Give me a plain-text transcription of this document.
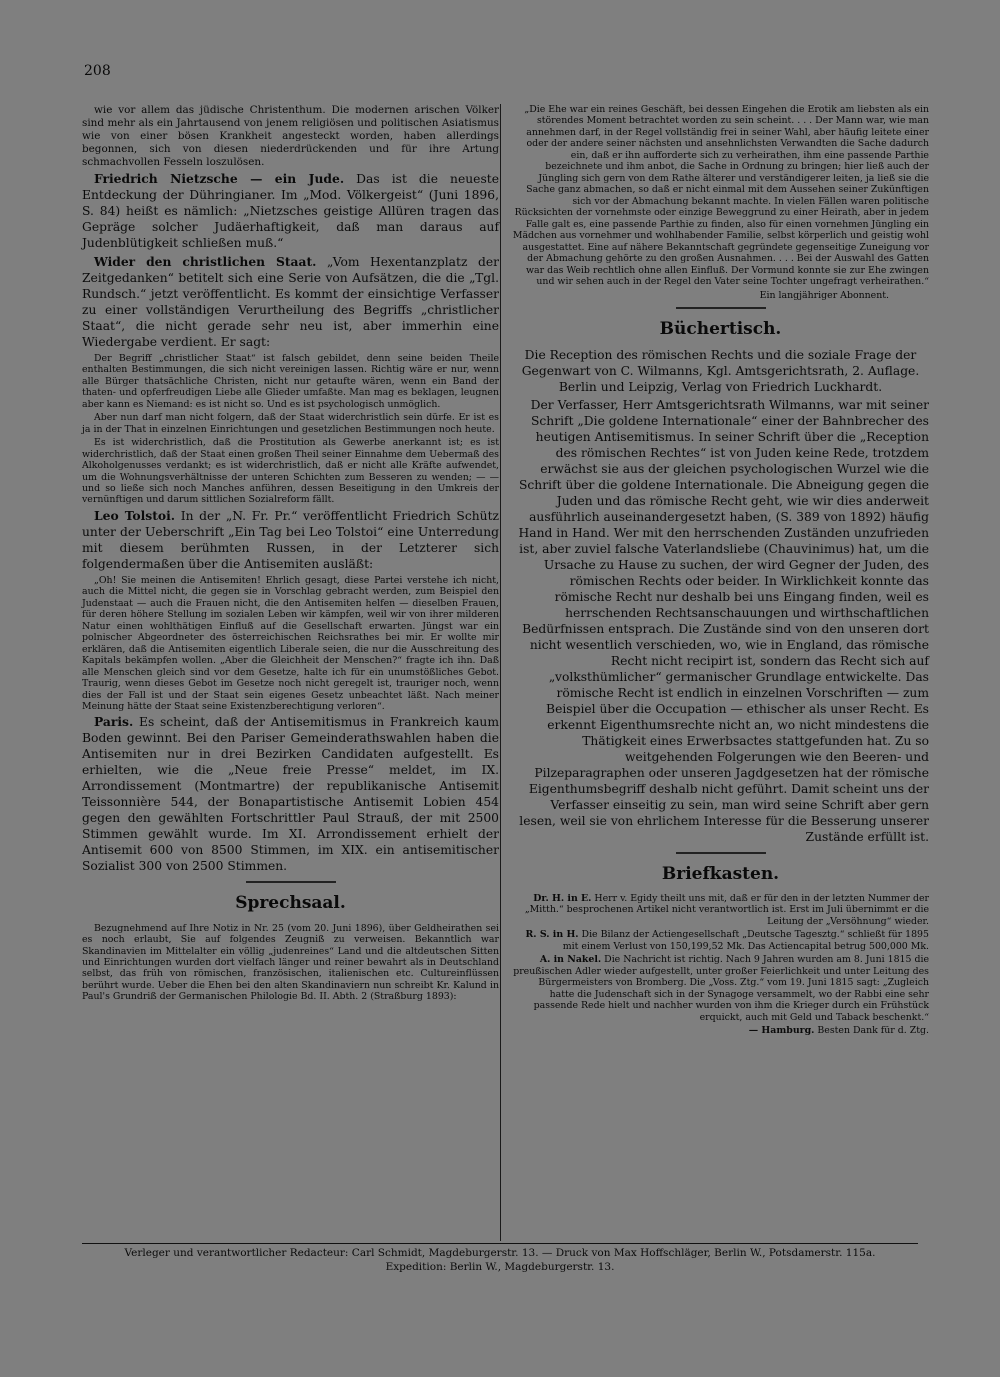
208

wie vor allem das jüdische Christenthum. Die modernen arischen Völker sind mehr als ein Jahrtausend von jenem religiösen und politischen Asiatismus wie von einer bösen Krankheit angesteckt worden, haben allerdings begonnen, sich von diesen niederdrückenden und für ihre Artung schmachvollen Fesseln loszulösen.

Friedrich Nietzsche — ein Jude. Das ist die neueste Entdeckung der Dühringianer. Im „Mod. Völkergeist“ (Juni 1896, S. 84) heißt es nämlich: „Nietzsches geistige Allüren tragen das Gepräge solcher Judäerhaftigkeit, daß man daraus auf Judenblütigkeit schließen muß.“

Wider den christlichen Staat. „Vom Hexentanzplatz der Zeitgedanken“ betitelt sich eine Serie von Aufsätzen, die die „Tgl. Rundsch.“ jetzt veröffentlicht. Es kommt der einsichtige Verfasser zu einer vollständigen Verurtheilung des Begriffs „christlicher Staat“, die nicht gerade sehr neu ist, aber immerhin eine Wiedergabe verdient. Er sagt:

Der Begriff „christlicher Staat“ ist falsch gebildet, denn seine beiden Theile enthalten Bestimmungen, die sich nicht vereinigen lassen. Richtig wäre er nur, wenn alle Bürger thatsächliche Christen, nicht nur getaufte wären, wenn ein Band der thaten- und opferfreudigen Liebe alle Glieder umfaßte. Man mag es beklagen, leugnen aber kann es Niemand: es ist nicht so. Und es ist psychologisch unmöglich.

Aber nun darf man nicht folgern, daß der Staat widerchristlich sein dürfe. Er ist es ja in der That in einzelnen Einrichtungen und gesetzlichen Bestimmungen noch heute.

Es ist widerchristlich, daß die Prostitution als Gewerbe anerkannt ist; es ist widerchristlich, daß der Staat einen großen Theil seiner Einnahme dem Uebermaß des Alkoholgenusses verdankt; es ist widerchristlich, daß er nicht alle Kräfte aufwendet, um die Wohnungsverhältnisse der unteren Schichten zum Besseren zu wenden; — — und so ließe sich noch Manches anführen, dessen Beseitigung in den Umkreis der vernünftigen und darum sittlichen Sozialreform fällt.

Leo Tolstoi. In der „N. Fr. Pr.“ veröffentlicht Friedrich Schütz unter der Ueberschrift „Ein Tag bei Leo Tolstoi“ eine Unterredung mit diesem berühmten Russen, in der Letzterer sich folgendermaßen über die Antisemiten ausläßt:

„Oh! Sie meinen die Antisemiten! Ehrlich gesagt, diese Partei verstehe ich nicht, auch die Mittel nicht, die gegen sie in Vorschlag gebracht werden, zum Beispiel den Judenstaat — auch die Frauen nicht, die den Antisemiten helfen — dieselben Frauen, für deren höhere Stellung im sozialen Leben wir kämpfen, weil wir von ihrer milderen Natur einen wohlthätigen Einfluß auf die Gesellschaft erwarten. Jüngst war ein polnischer Abgeordneter des österreichischen Reichsrathes bei mir. Er wollte mir erklären, daß die Antisemiten eigentlich Liberale seien, die nur die Ausschreitung des Kapitals bekämpfen wollen. „Aber die Gleichheit der Menschen?“ fragte ich ihn. Daß alle Menschen gleich sind vor dem Gesetze, halte ich für ein unumstößliches Gebot. Traurig, wenn dieses Gebot im Gesetze noch nicht geregelt ist, trauriger noch, wenn dies der Fall ist und der Staat sein eigenes Gesetz unbeachtet läßt. Nach meiner Meinung hätte der Staat seine Existenzberechtigung verloren“.

Paris. Es scheint, daß der Antisemitismus in Frankreich kaum Boden gewinnt. Bei den Pariser Gemeinderathswahlen haben die Antisemiten nur in drei Bezirken Candidaten aufgestellt. Es erhielten, wie die „Neue freie Presse“ meldet, im IX. Arrondissement (Montmartre) der republikanische Antisemit Teissonnière 544, der Bonapartistische Antisemit Lobien 454 gegen den gewählten Fortschrittler Paul Strauß, der mit 2500 Stimmen gewählt wurde. Im XI. Arrondissement erhielt der Antisemit 600 von 8500 Stimmen, im XIX. ein antisemitischer Sozialist 300 von 2500 Stimmen.

Sprechsaal.

Bezugnehmend auf Ihre Notiz in Nr. 25 (vom 20. Juni 1896), über Geldheirathen sei es noch erlaubt, Sie auf folgendes Zeugniß zu verweisen. Bekanntlich war Skandinavien im Mittelalter ein völlig „judenreines“ Land und die altdeutschen Sitten und Einrichtungen wurden dort vielfach länger und reiner bewahrt als in Deutschland selbst, das früh von römischen, französischen, italienischen etc. Cultureinflüssen berührt wurde. Ueber die Ehen bei den alten Skandinaviern nun schreibt Kr. Kalund in Paul's Grundriß der Germanischen Philologie Bd. II. Abth. 2 (Straßburg 1893):

„Die Ehe war ein reines Geschäft, bei dessen Eingehen die Erotik am liebsten als ein störendes Moment betrachtet worden zu sein scheint. . . . Der Mann war, wie man annehmen darf, in der Regel vollständig frei in seiner Wahl, aber häufig leitete einer oder der andere seiner nächsten und ansehnlichsten Verwandten die Sache dadurch ein, daß er ihn aufforderte sich zu verheirathen, ihm eine passende Parthie bezeichnete und ihm anbot, die Sache in Ordnung zu bringen; hier ließ auch der Jüngling sich gern von dem Rathe älterer und verständigerer leiten, ja ließ sie die Sache ganz abmachen, so daß er nicht einmal mit dem Aussehen seiner Zukünftigen sich vor der Abmachung bekannt machte. In vielen Fällen waren politische Rücksichten der vornehmste oder einzige Beweggrund zu einer Heirath, aber in jedem Falle galt es, eine passende Parthie zu finden, also für einen vornehmen Jüngling ein Mädchen aus vornehmer und wohlhabender Familie, selbst körperlich und geistig wohl ausgestattet. Eine auf nähere Bekanntschaft gegründete gegenseitige Zuneigung vor der Abmachung gehörte zu den großen Ausnahmen. . . . Bei der Auswahl des Gatten war das Weib rechtlich ohne allen Einfluß. Der Vormund konnte sie zur Ehe zwingen und wir sehen auch in der Regel den Vater seine Tochter ungefragt verheirathen.“

Ein langjähriger Abonnent.

Büchertisch.

Die Reception des römischen Rechts und die soziale Frage der Gegenwart von C. Wilmanns, Kgl. Amtsgerichtsrath, 2. Auflage. Berlin und Leipzig, Verlag von Friedrich Luckhardt.

Der Verfasser, Herr Amtsgerichtsrath Wilmanns, war mit seiner Schrift „Die goldene Internationale“ einer der Bahnbrecher des heutigen Antisemitismus. In seiner Schrift über die „Reception des römischen Rechtes“ ist von Juden keine Rede, trotzdem erwächst sie aus der gleichen psychologischen Wurzel wie die Schrift über die goldene Internationale. Die Abneigung gegen die Juden und das römische Recht geht, wie wir dies anderweit ausführlich auseinandergesetzt haben, (S. 389 von 1892) häufig Hand in Hand. Wer mit den herrschenden Zuständen unzufrieden ist, aber zuviel falsche Vaterlandsliebe (Chauvinimus) hat, um die Ursache zu Hause zu suchen, der wird Gegner der Juden, des römischen Rechts oder beider. In Wirklichkeit konnte das römische Recht nur deshalb bei uns Eingang finden, weil es herrschenden Rechtsanschauungen und wirthschaftlichen Bedürfnissen entsprach. Die Zustände sind von den unseren dort nicht wesentlich verschieden, wo, wie in England, das römische Recht nicht recipirt ist, sondern das Recht sich auf „volksthümlicher“ germanischer Grundlage entwickelte. Das römische Recht ist endlich in einzelnen Vorschriften — zum Beispiel über die Occupation — ethischer als unser Recht. Es erkennt Eigenthumsrechte nicht an, wo nicht mindestens die Thätigkeit eines Erwerbsactes stattgefunden hat. Zu so weitgehenden Folgerungen wie den Beeren- und Pilzeparagraphen oder unseren Jagdgesetzen hat der römische Eigenthumsbegriff deshalb nicht geführt. Damit scheint uns der Verfasser einseitig zu sein, man wird seine Schrift aber gern lesen, weil sie von ehrlichem Interesse für die Besserung unserer Zustände erfüllt ist.

Briefkasten.

Dr. H. in E. Herr v. Egidy theilt uns mit, daß er für den in der letzten Nummer der „Mitth.“ besprochenen Artikel nicht verantwortlich ist. Erst im Juli übernimmt er die Leitung der „Versöhnung“ wieder.

R. S. in H. Die Bilanz der Actiengesellschaft „Deutsche Tagesztg.“ schließt für 1895 mit einem Verlust von 150,199,52 Mk. Das Actiencapital betrug 500,000 Mk.

A. in Nakel. Die Nachricht ist richtig. Nach 9 Jahren wurden am 8. Juni 1815 die preußischen Adler wieder aufgestellt, unter großer Feierlichkeit und unter Leitung des Bürgermeisters von Bromberg. Die „Voss. Ztg.“ vom 19. Juni 1815 sagt: „Zugleich hatte die Judenschaft sich in der Synagoge versammelt, wo der Rabbi eine sehr passende Rede hielt und nachher wurden von ihm die Krieger durch ein Frühstück erquickt, auch mit Geld und Taback beschenkt.“

— Hamburg. Besten Dank für d. Ztg.

Verleger und verantwortlicher Redacteur: Carl Schmidt, Magdeburgerstr. 13. — Druck von Max Hoffschläger, Berlin W., Potsdamerstr. 115a.
Expedition: Berlin W., Magdeburgerstr. 13.
